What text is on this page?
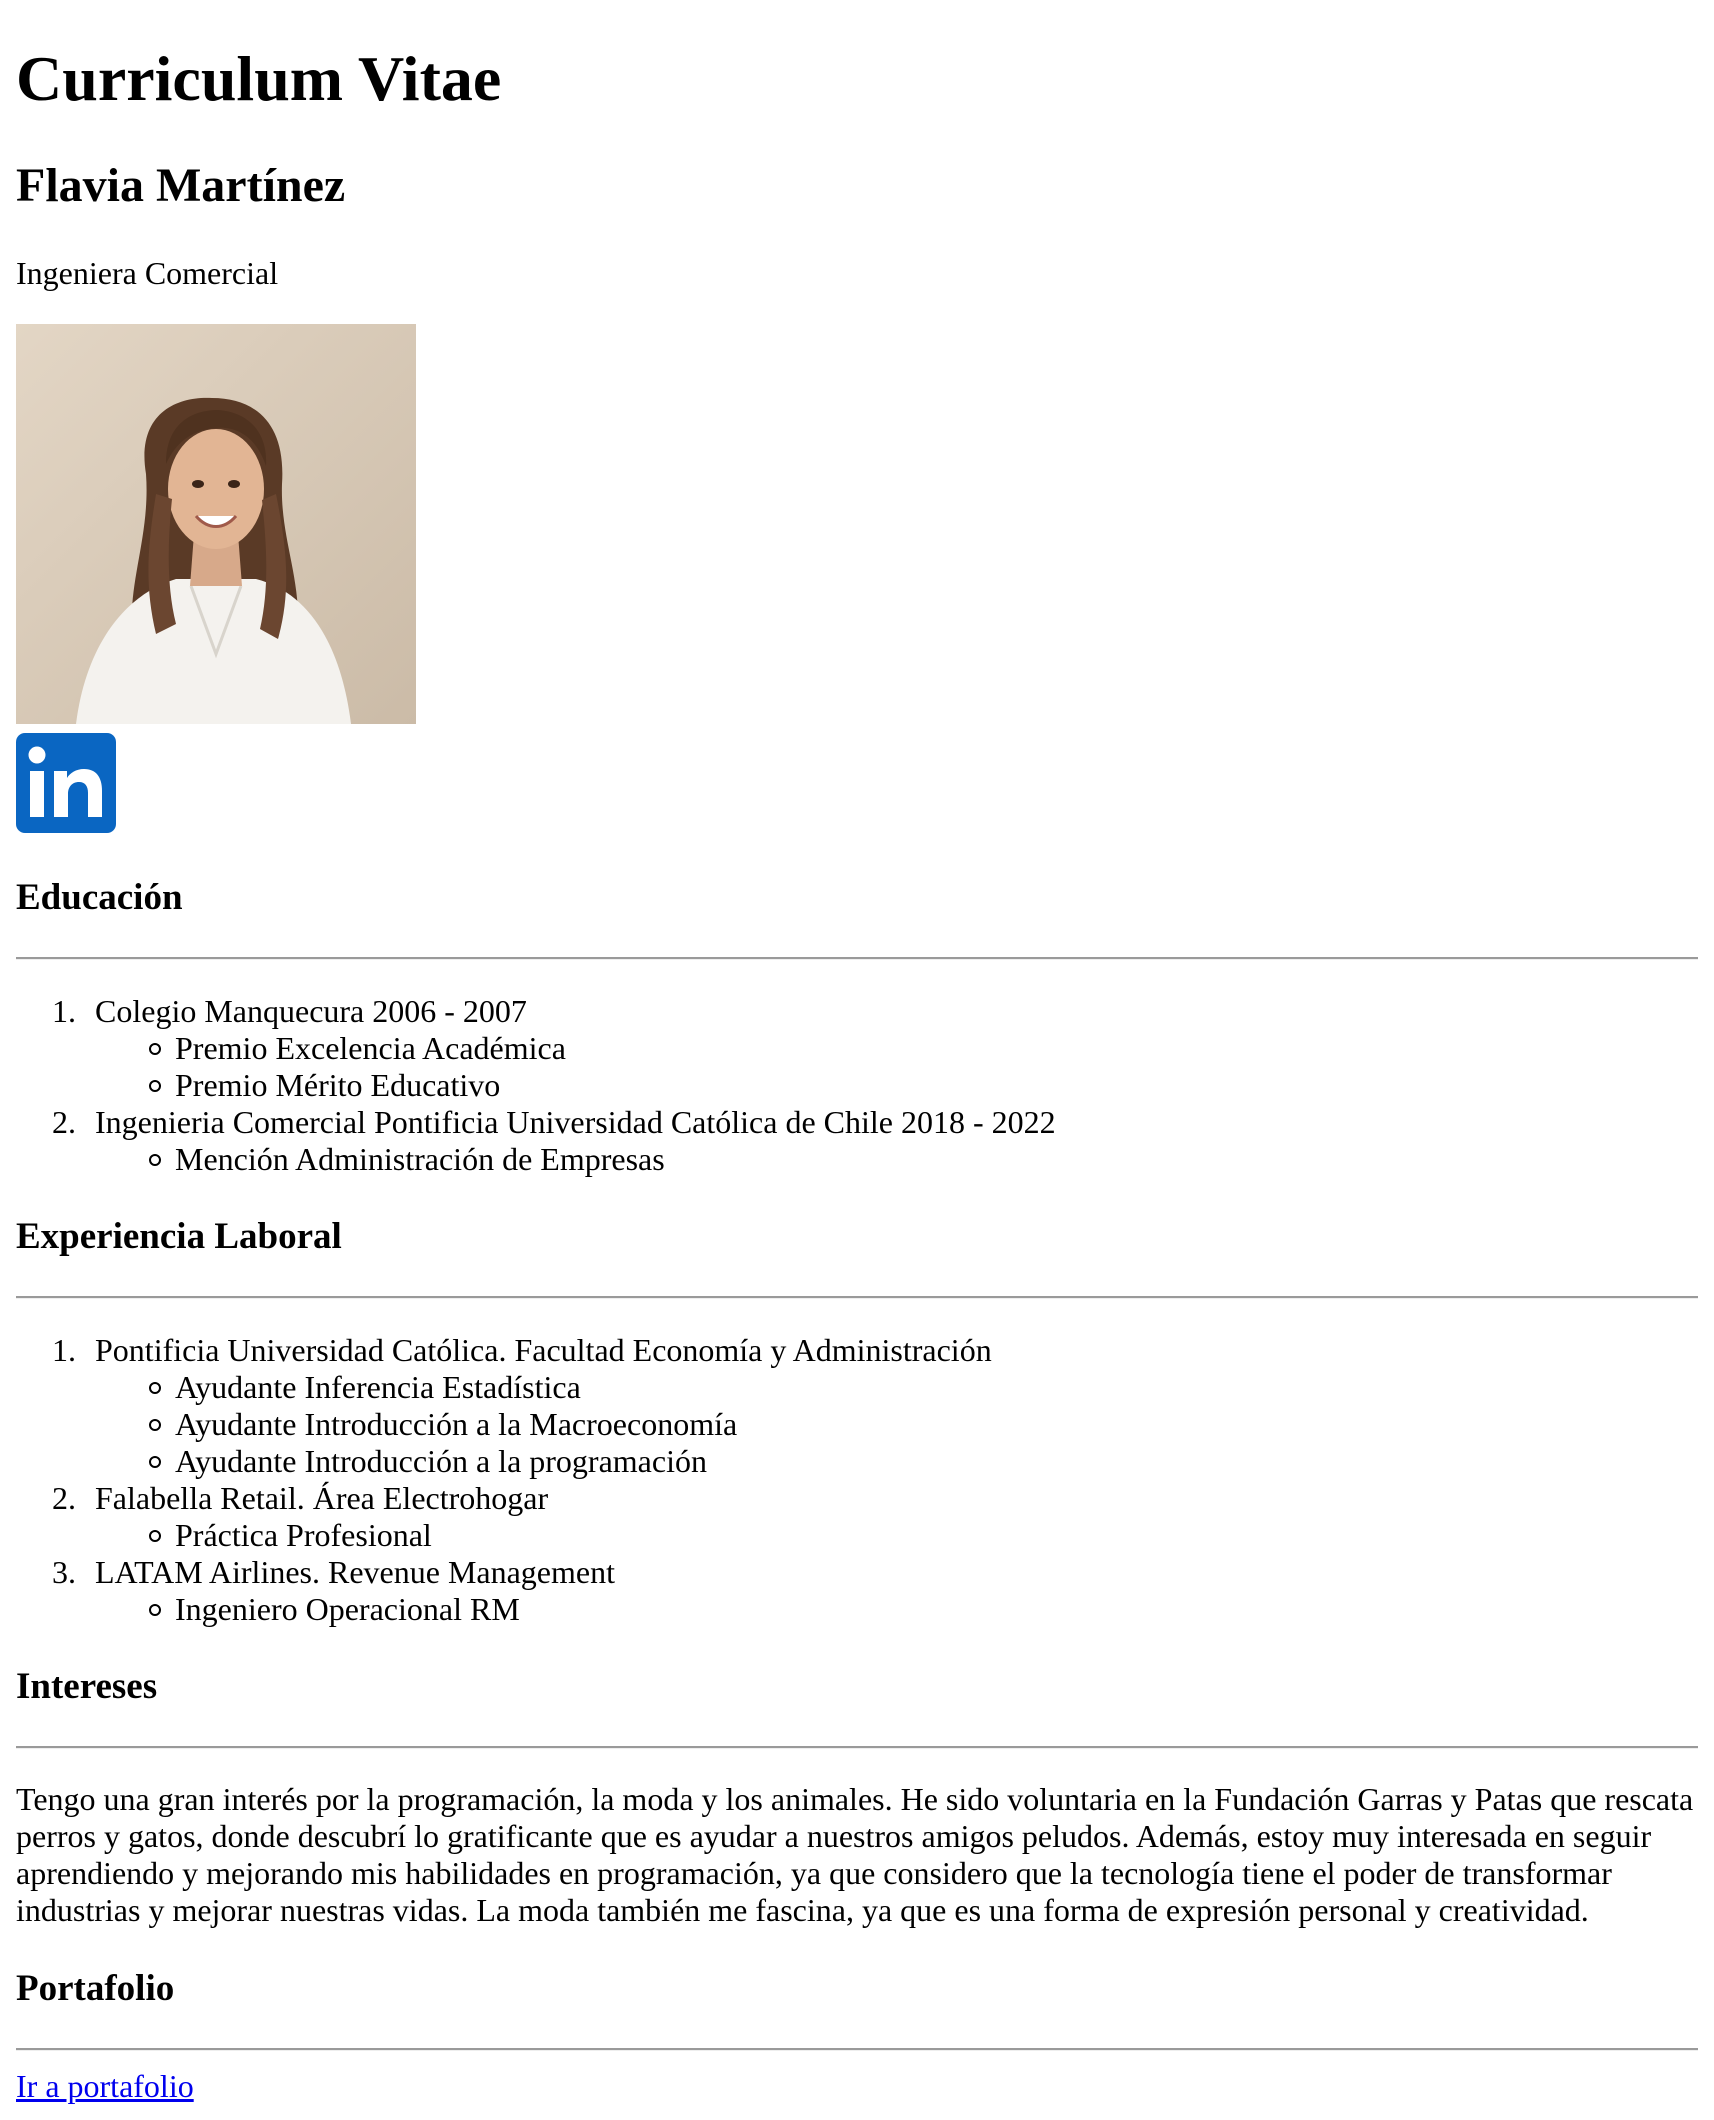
Curriculum Vitae
Flavia Martínez

Ingeniera Comercial

Educación
1. Colegio Manquecura 2006 - 2007
Premio Excelencia Académica
Premio Mérito Educativo
2. Ingenieria Comercial Pontificia Universidad Católica de Chile 2018 - 2022
Mención Administración de Empresas
Experiencia Laboral
1. Pontificia Universidad Católica. Facultad Economía y Administración
Ayudante Inferencia Estadística
Ayudante Introducción a la Macroeconomía
Ayudante Introducción a la programación
2. Falabella Retail. Área Electrohogar
Práctica Profesional
3. LATAM Airlines. Revenue Management
Ingeniero Operacional RM
Intereses

Tengo una gran interés por la programación, la moda y los animales. He sido voluntaria en la Fundación Garras y Patas que rescata perros y gatos, donde descubrí lo gratificante que es ayudar a nuestros amigos peludos. Además, estoy muy interesada en seguir aprendiendo y mejorando mis habilidades en programación, ya que considero que la tecnología tiene el poder de transformar industrias y mejorar nuestras vidas. La moda también me fascina, ya que es una forma de expresión personal y creatividad.

Portafolio
Ir a portafolio
